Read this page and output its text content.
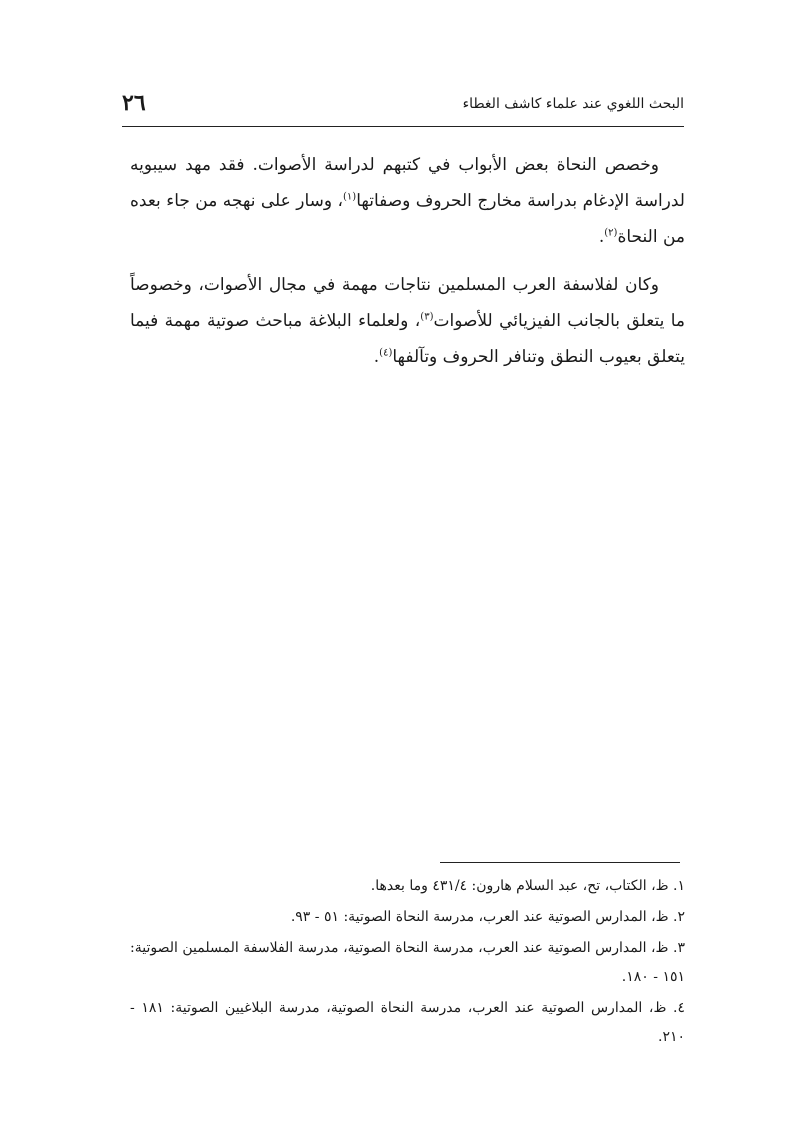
٢٦	البحث اللغوي عند علماء كاشف الغطاء

وخصص النحاة بعض الأبواب في كتبهم لدراسة الأصوات. فقد مهد سيبويه لدراسة الإدغام بدراسة مخارج الحروف وصفاتها$^{(١)}$، وسار على نهجه من جاء بعده من النحاة$^{(٢)}$.

وكان لفلاسفة العرب المسلمين نتاجات مهمة في مجال الأصوات، وخصوصاً ما يتعلق بالجانب الفيزيائي للأصوات$^{(٣)}$، ولعلماء البلاغة مباحث صوتية مهمة فيما يتعلق بعيوب النطق وتنافر الحروف وتآلفها$^{(٤)}$.

١. ظ، الكتاب، تح، عبد السلام هارون: ٤٣١/٤ وما بعدها.

٢. ظ، المدارس الصوتية عند العرب، مدرسة النحاة الصوتية: ٥١ - ٩٣.

٣. ظ، المدارس الصوتية عند العرب، مدرسة النحاة الصوتية، مدرسة الفلاسفة المسلمين الصوتية: ١٥١ - ١٨٠.

٤. ظ، المدارس الصوتية عند العرب، مدرسة النحاة الصوتية، مدرسة البلاغيين الصوتية: ١٨١ - ٢١٠.
